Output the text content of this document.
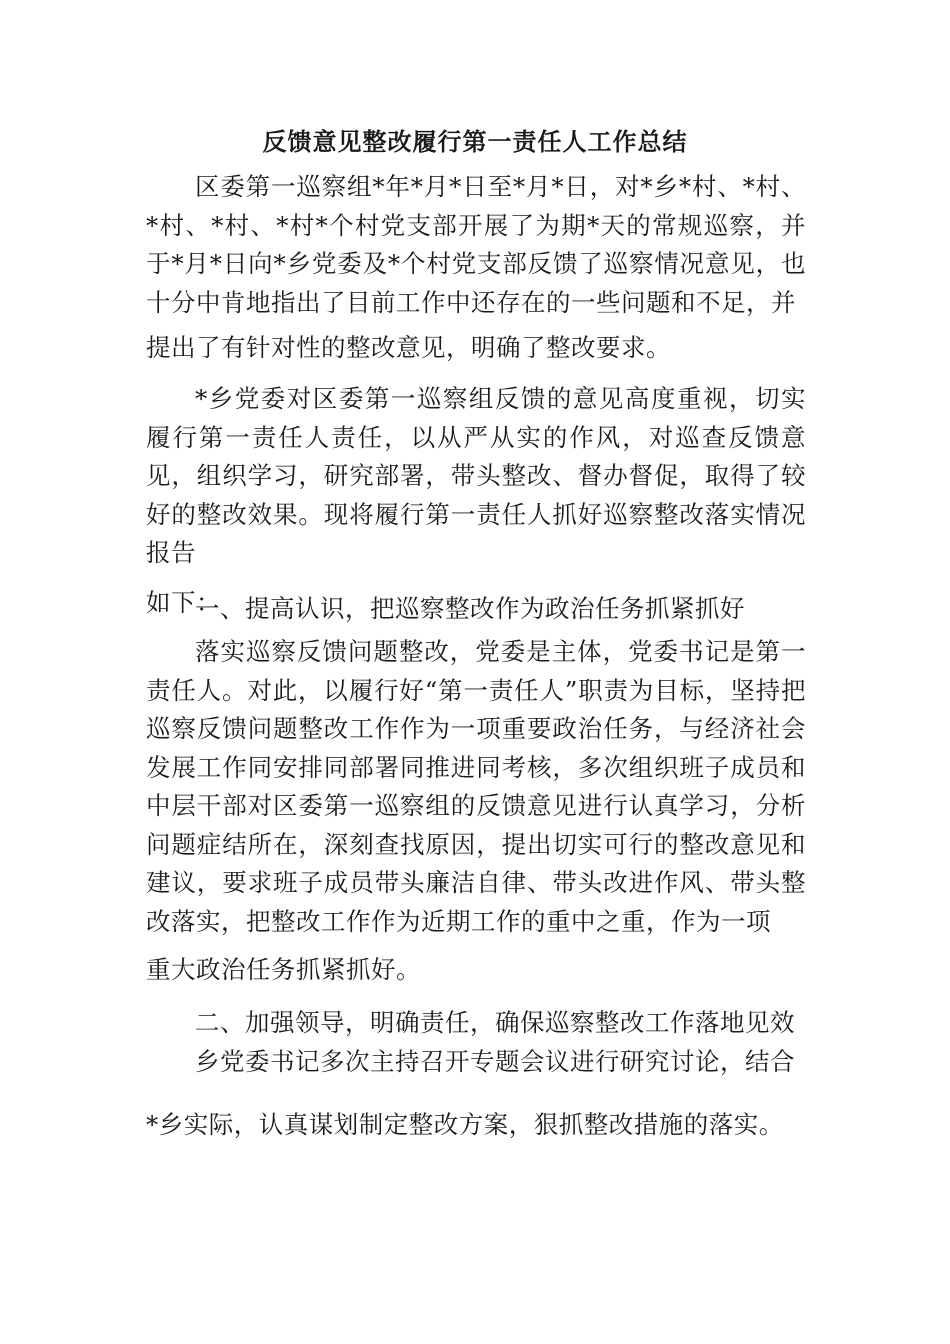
反馈意见整改履行第一责任人工作总结

区委第一巡察组*年*月*日至*月*日，对*乡*村、*村、*村、*村、*村*个村党支部开展了为期*天的常规巡察，并于*月*日向*乡党委及*个村党支部反馈了巡察情况意见，也十分中肯地指出了目前工作中还存在的一些问题和不足，并
提出了有针对性的整改意见，明确了整改要求。

*乡党委对区委第一巡察组反馈的意见高度重视，切实履行第一责任人责任，以从严从实的作风，对巡查反馈意见，组织学习，研究部署，带头整改、督办督促，取得了较好的整改效果。现将履行第一责任人抓好巡察整改落实情况报告
如下：

一、提高认识，把巡察整改作为政治任务抓紧抓好

落实巡察反馈问题整改，党委是主体，党委书记是第一责任人。对此，以履行好“第一责任人”职责为目标，坚持把巡察反馈问题整改工作作为一项重要政治任务，与经济社会发展工作同安排同部署同推进同考核，多次组织班子成员和中层干部对区委第一巡察组的反馈意见进行认真学习，分析问题症结所在，深刻查找原因，提出切实可行的整改意见和建议，要求班子成员带头廉洁自律、带头改进作风、带头整改落实，把整改工作作为近期工作的重中之重，作为一项
重大政治任务抓紧抓好。

二、加强领导，明确责任，确保巡察整改工作落地见效

乡党委书记多次主持召开专题会议进行研究讨论，结合
*乡实际，认真谋划制定整改方案，狠抓整改措施的落实。
